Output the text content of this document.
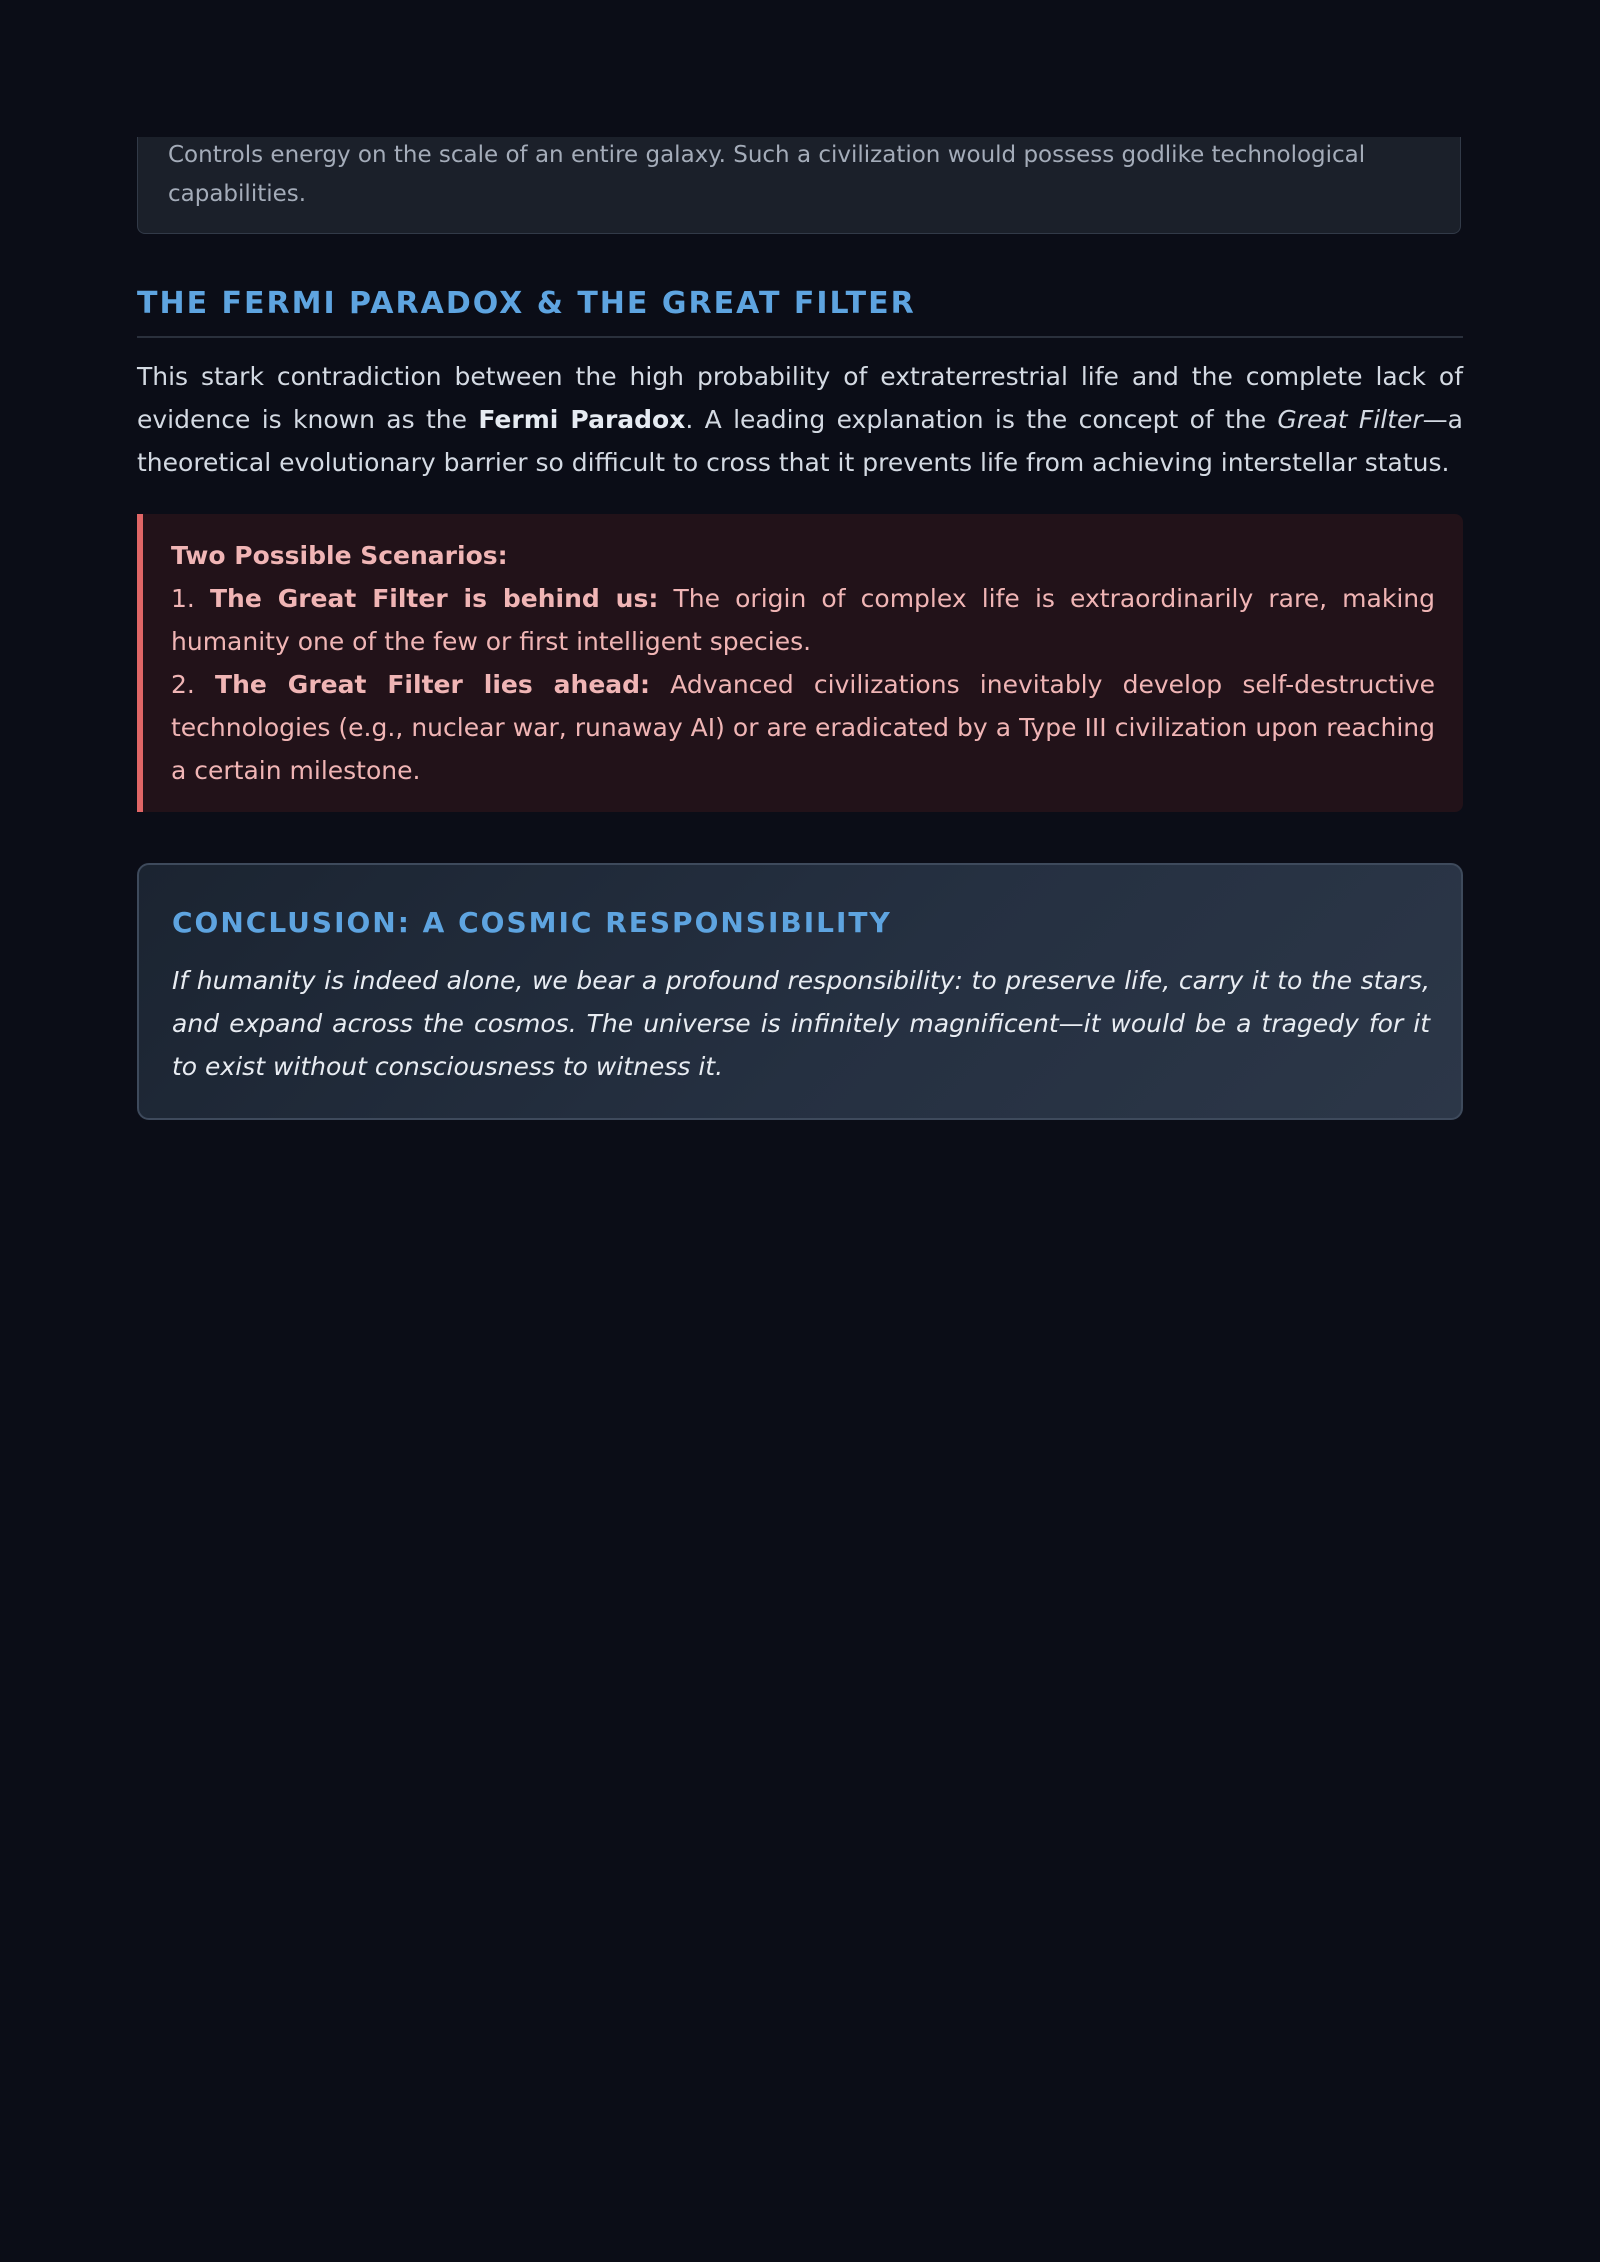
Controls energy on the scale of an entire galaxy. Such a civilization would possess godlike technological capabilities.

THE FERMI PARADOX & THE GREAT FILTER

This stark contradiction between the high probability of extraterrestrial life and the complete lack of evidence is known as the Fermi Paradox. A leading explanation is the concept of the Great Filter—a theoretical evolutionary barrier so difficult to cross that it prevents life from achieving interstellar status.

Two Possible Scenarios:
1. The Great Filter is behind us: The origin of complex life is extraordinarily rare, making humanity one of the few or first intelligent species.
2. The Great Filter lies ahead: Advanced civilizations inevitably develop self-destructive technologies (e.g., nuclear war, runaway AI) or are eradicated by a Type III civilization upon reaching a certain milestone.
CONCLUSION: A COSMIC RESPONSIBILITY

If humanity is indeed alone, we bear a profound responsibility: to preserve life, carry it to the stars, and expand across the cosmos. The universe is infinitely magnificent—it would be a tragedy for it to exist without consciousness to witness it.
